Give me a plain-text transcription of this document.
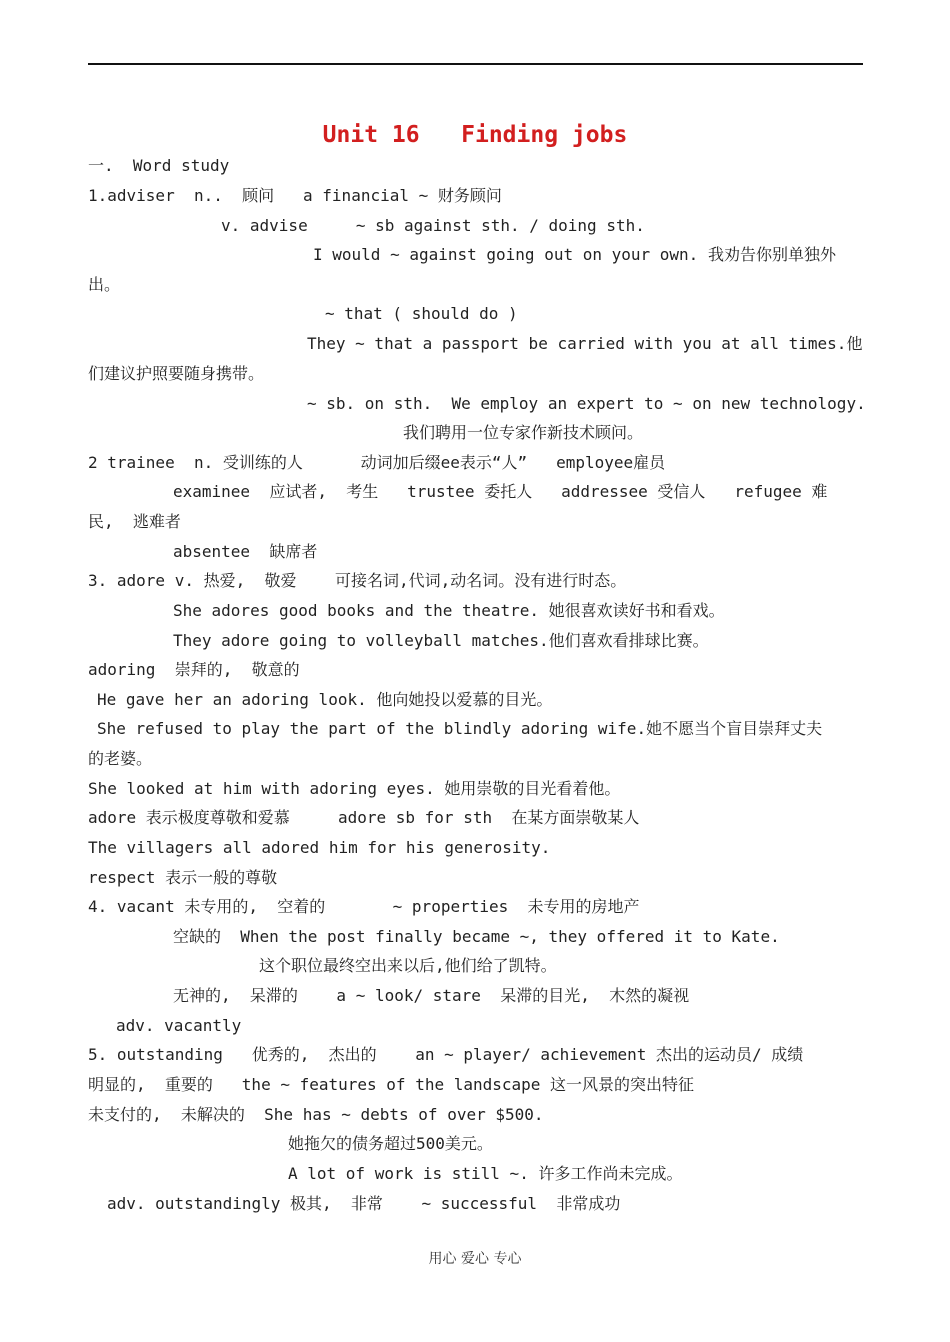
Unit 16   Finding jobs
一.  Word study
1.adviser  n..  顾问   a financial ~ 财务顾问
v. advise     ~ sb against sth. / doing sth.
I would ~ against going out on your own. 我劝告你别单独外
出。
~ that ( should do )
They ~ that a passport be carried with you at all times.他
们建议护照要随身携带。
~ sb. on sth.  We employ an expert to ~ on new technology.
我们聘用一位专家作新技术顾问。
2 trainee  n. 受训练的人      动词加后缀ee表示“人”   employee雇员
examinee  应试者,  考生   trustee 委托人   addressee 受信人   refugee 难
民,  逃难者
absentee  缺席者
3. adore v. 热爱,  敬爱    可接名词,代词,动名词。没有进行时态。
She adores good books and the theatre. 她很喜欢读好书和看戏。
They adore going to volleyball matches.他们喜欢看排球比赛。
adoring  崇拜的,  敬意的
He gave her an adoring look. 他向她投以爱慕的目光。
She refused to play the part of the blindly adoring wife.她不愿当个盲目崇拜丈夫
的老婆。
She looked at him with adoring eyes. 她用崇敬的目光看着他。
adore 表示极度尊敬和爱慕     adore sb for sth  在某方面崇敬某人
The villagers all adored him for his generosity.
respect 表示一般的尊敬
4. vacant 未专用的,  空着的       ~ properties  未专用的房地产
空缺的  When the post finally became ~, they offered it to Kate.
这个职位最终空出来以后,他们给了凯特。
无神的,  呆滞的    a ~ look/ stare  呆滞的目光,  木然的凝视
adv. vacantly
5. outstanding   优秀的,  杰出的    an ~ player/ achievement 杰出的运动员/ 成绩
明显的,  重要的   the ~ features of the landscape 这一风景的突出特征
未支付的,  未解决的  She has ~ debts of over $500.
她拖欠的债务超过500美元。
A lot of work is still ~. 许多工作尚未完成。
adv. outstandingly 极其,  非常    ~ successful  非常成功
用心 爱心 专心
